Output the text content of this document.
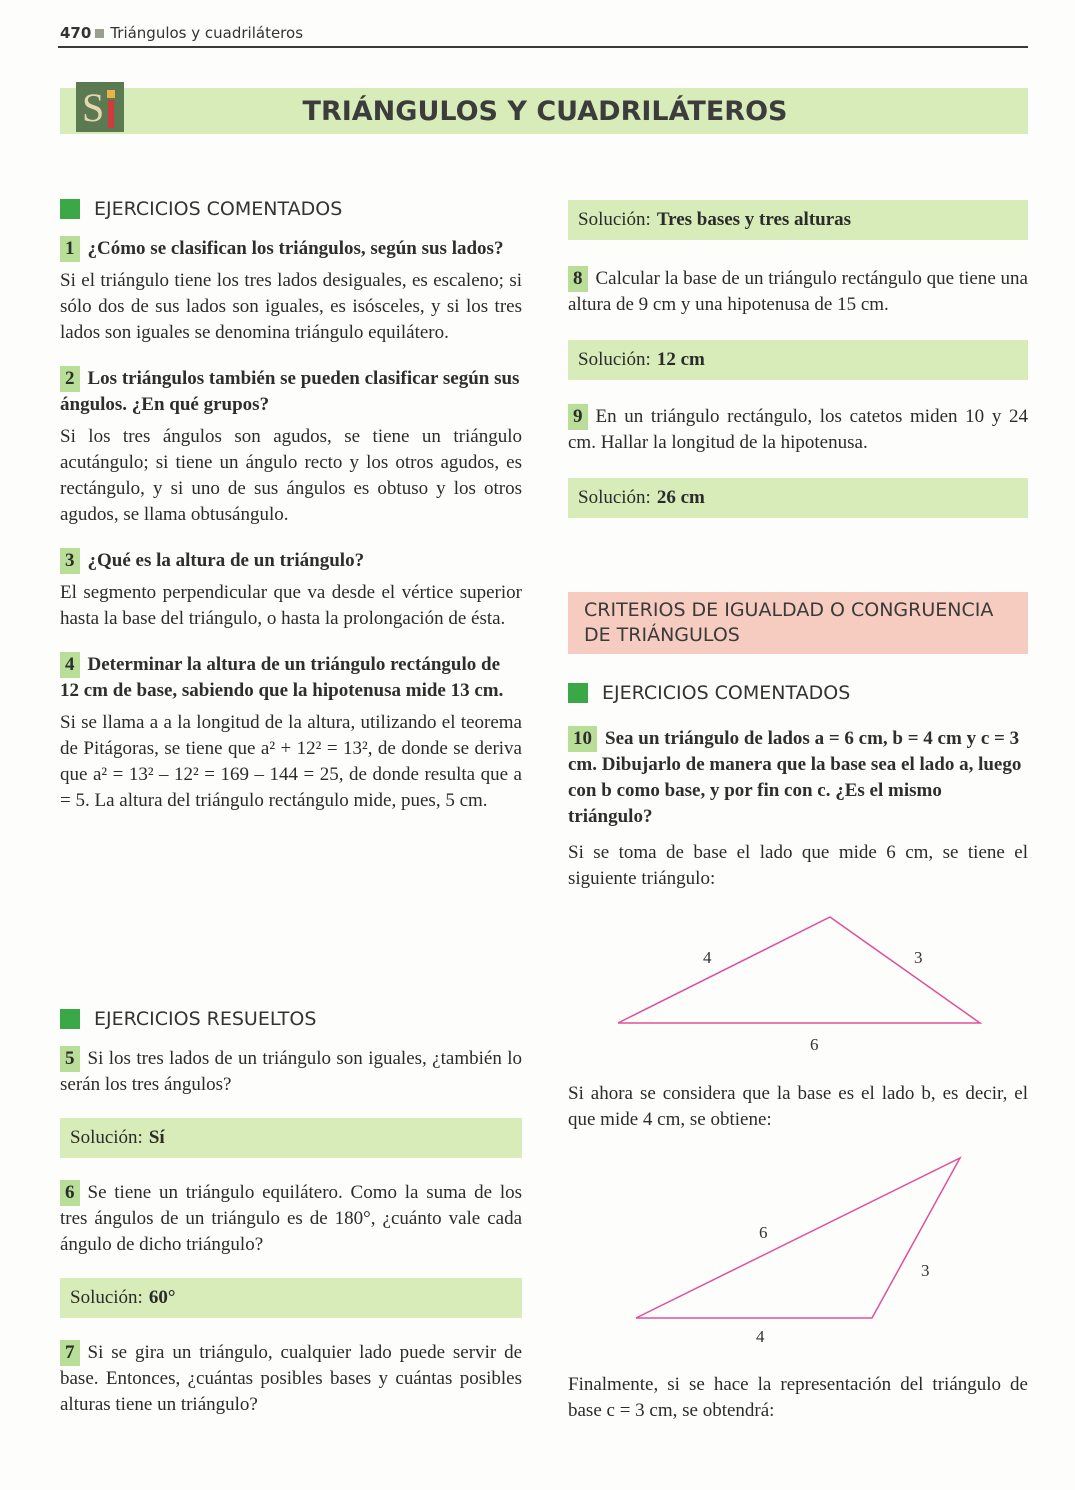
470 Triángulos y cuadriláteros
S	TRIÁNGULOS Y CUADRILÁTEROS
EJERCICIOS COMENTADOS

1 ¿Cómo se clasifican los triángulos, según sus lados?

Si el triángulo tiene los tres lados desiguales, es escaleno; si sólo dos de sus lados son iguales, es isósceles, y si los tres lados son iguales se denomina triángulo equilátero.

2 Los triángulos también se pueden clasificar según sus ángulos. ¿En qué grupos?

Si los tres ángulos son agudos, se tiene un triángulo acutángulo; si tiene un ángulo recto y los otros agudos, es rectángulo, y si uno de sus ángulos es obtuso y los otros agudos, se llama obtusángulo.

3 ¿Qué es la altura de un triángulo?

El segmento perpendicular que va desde el vértice superior hasta la base del triángulo, o hasta la prolongación de ésta.

4 Determinar la altura de un triángulo rectángulo de 12 cm de base, sabiendo que la hipotenusa mide 13 cm.

Si se llama a a la longitud de la altura, utilizando el teorema de Pitágoras, se tiene que a² + 12² = 13², de donde se deriva que a² = 13² – 12² = 169 – 144 = 25, de donde resulta que a = 5. La altura del triángulo rectángulo mide, pues, 5 cm.

EJERCICIOS RESUELTOS

5 Si los tres lados de un triángulo son iguales, ¿también lo serán los tres ángulos?

Solución: Sí

6 Se tiene un triángulo equilátero. Como la suma de los tres ángulos de un triángulo es de 180°, ¿cuánto vale cada ángulo de dicho triángulo?

Solución: 60°

7 Si se gira un triángulo, cualquier lado puede servir de base. Entonces, ¿cuántas posibles bases y cuántas posibles alturas tiene un triángulo?

Solución: Tres bases y tres alturas

8 Calcular la base de un triángulo rectángulo que tiene una altura de 9 cm y una hipotenusa de 15 cm.

Solución: 12 cm

9 En un triángulo rectángulo, los catetos miden 10 y 24 cm. Hallar la longitud de la hipotenusa.

Solución: 26 cm
CRITERIOS DE IGUALDAD O CONGRUENCIA
DE TRIÁNGULOS
EJERCICIOS COMENTADOS

10 Sea un triángulo de lados a = 6 cm, b = 4 cm y c = 3 cm. Dibujarlo de manera que la base sea el lado a, luego con b como base, y por fin con c. ¿Es el mismo triángulo?

Si se toma de base el lado que mide 6 cm, se tiene el siguiente triángulo:

4	3
6

Si ahora se considera que la base es el lado b, es decir, el que mide 4 cm, se obtiene:

6
3
4

Finalmente, si se hace la representación del triángulo de base c = 3 cm, se obtendrá:
